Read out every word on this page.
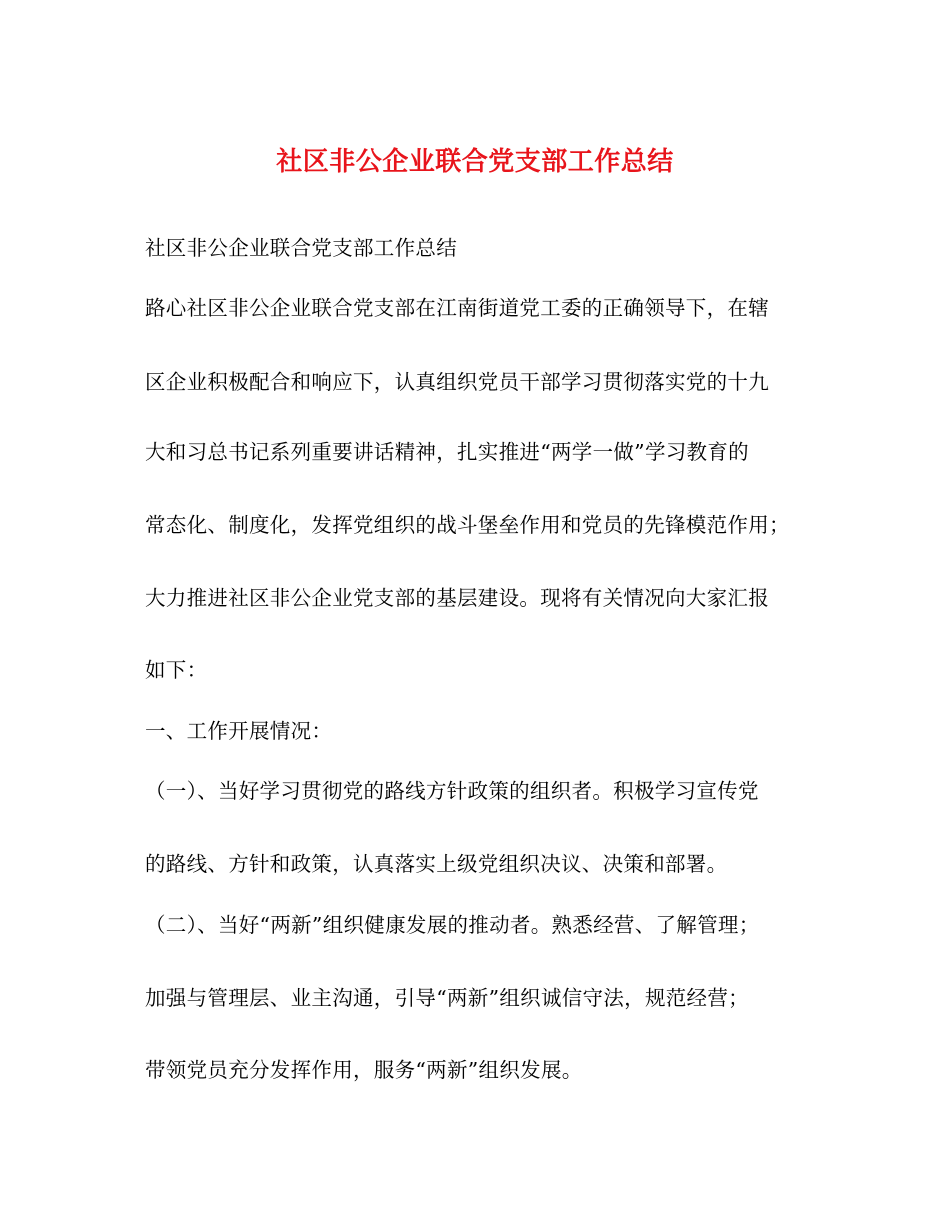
社区非公企业联合党支部工作总结
社区非公企业联合党支部工作总结
路心社区非公企业联合党支部在江南街道党工委的正确领导下，在辖
区企业积极配合和响应下，认真组织党员干部学习贯彻落实党的十九
大和习总书记系列重要讲话精神，扎实推进“两学一做”学习教育的
常态化、制度化，发挥党组织的战斗堡垒作用和党员的先锋模范作用；
大力推进社区非公企业党支部的基层建设。现将有关情况向大家汇报
如下：
一、工作开展情况：
（一）、当好学习贯彻党的路线方针政策的组织者。积极学习宣传党
的路线、方针和政策，认真落实上级党组织决议、决策和部署。
（二）、当好“两新”组织健康发展的推动者。熟悉经营、了解管理；
加强与管理层、业主沟通，引导“两新”组织诚信守法，规范经营；
带领党员充分发挥作用，服务“两新”组织发展。
